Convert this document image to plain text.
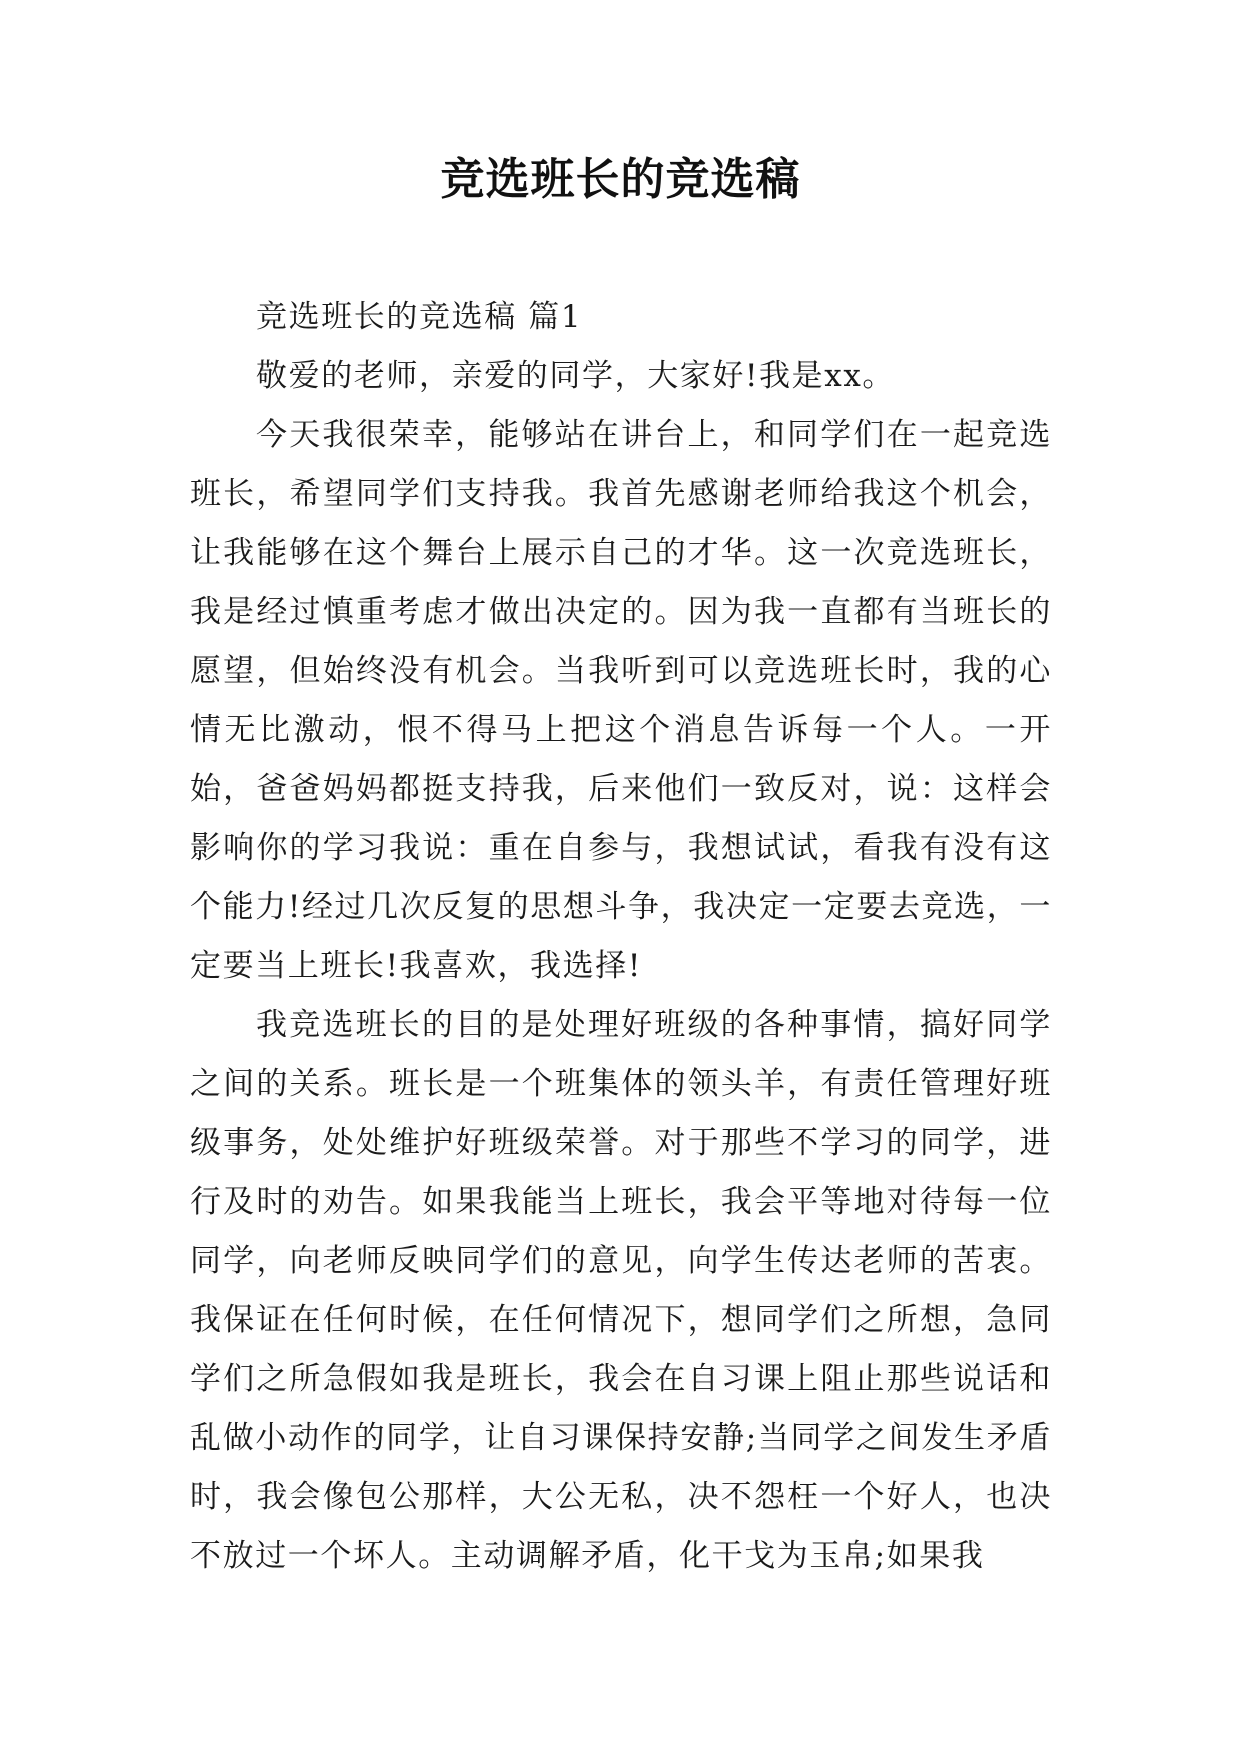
竞选班长的竞选稿

竞选班长的竞选稿 篇1

敬爱的老师，亲爱的同学，大家好!我是xx。

今天我很荣幸，能够站在讲台上，和同学们在一起竞选班长，希望同学们支持我。我首先感谢老师给我这个机会，让我能够在这个舞台上展示自己的才华。这一次竞选班长，我是经过慎重考虑才做出决定的。因为我一直都有当班长的愿望，但始终没有机会。当我听到可以竞选班长时，我的心情无比激动，恨不得马上把这个消息告诉每一个人。一开始，爸爸妈妈都挺支持我，后来他们一致反对，说：这样会影响你的学习我说：重在自参与，我想试试，看我有没有这个能力!经过几次反复的思想斗争，我决定一定要去竞选，一定要当上班长!我喜欢，我选择!

我竞选班长的目的是处理好班级的各种事情，搞好同学之间的关系。班长是一个班集体的领头羊，有责任管理好班级事务，处处维护好班级荣誉。对于那些不学习的同学，进行及时的劝告。如果我能当上班长，我会平等地对待每一位同学，向老师反映同学们的意见，向学生传达老师的苦衷。我保证在任何时候，在任何情况下，想同学们之所想，急同学们之所急假如我是班长，我会在自习课上阻止那些说话和乱做小动作的同学，让自习课保持安静;当同学之间发生矛盾时，我会像包公那样，大公无私，决不怨枉一个好人，也决不放过一个坏人。主动调解矛盾，化干戈为玉帛;如果我
